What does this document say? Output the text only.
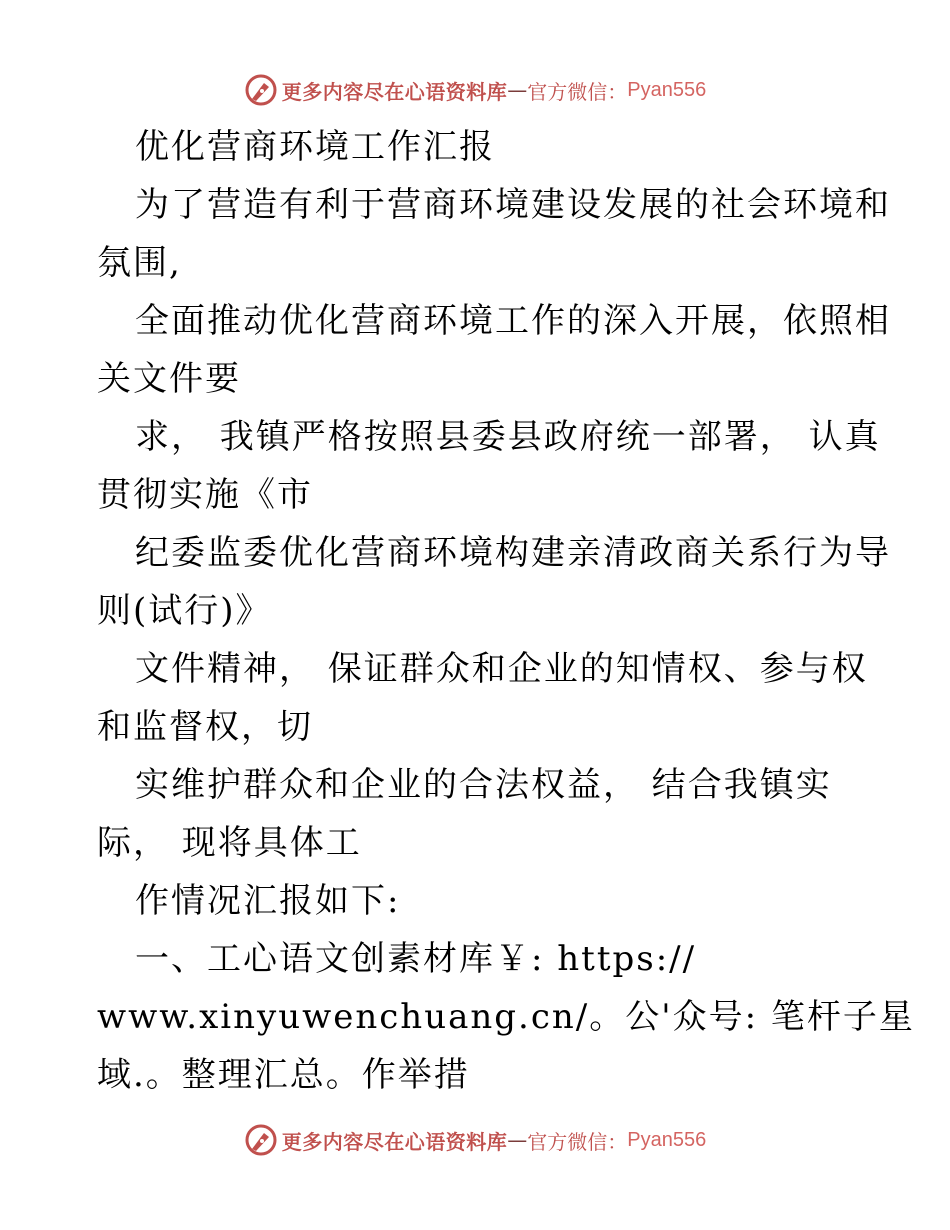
更多内容尽在心语资料库 — 官方微信： Pyan556
优化营商环境工作汇报
为了营造有利于营商环境建设发展的社会环境和
氛围,
全面推动优化营商环境工作的深入开展，依照相
关文件要
求， 我镇严格按照县委县政府统一部署， 认真
贯彻实施《市
纪委监委优化营商环境构建亲清政商关系行为导
则(试行)》
文件精神， 保证群众和企业的知情权、参与权
和监督权，切
实维护群众和企业的合法权益， 结合我镇实
际， 现将具体工
作情况汇报如下:
一、工心语文创素材库￥: https://
www.xinyuwenchuang.cn/。公'众号: 笔杆子星
域.。整理汇总。作举措
更多内容尽在心语资料库 — 官方微信： Pyan556
